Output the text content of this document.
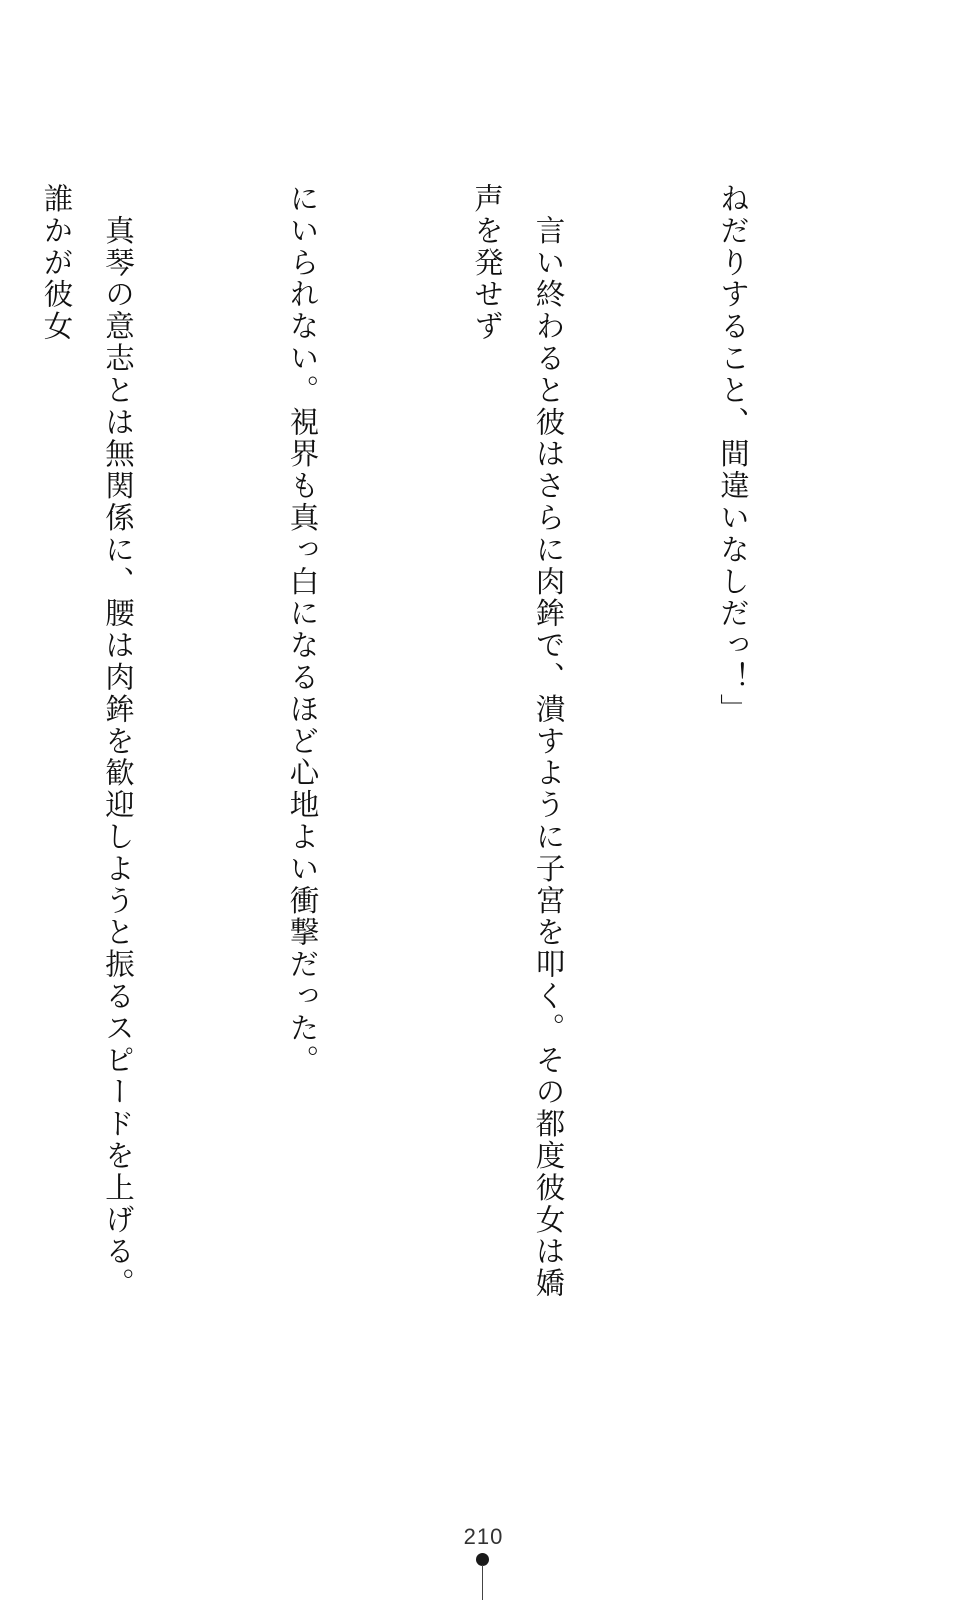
ねだりすること、間違いなしだっ！」

　言い終わると彼はさらに肉鉾で、潰すように子宮を叩く。その都度彼女は嬌声を発せず

にいられない。視界も真っ白になるほど心地よい衝撃だった。

　真琴の意志とは無関係に、腰は肉鉾を歓迎しようと振るスピードを上げる。誰かが彼女

210
